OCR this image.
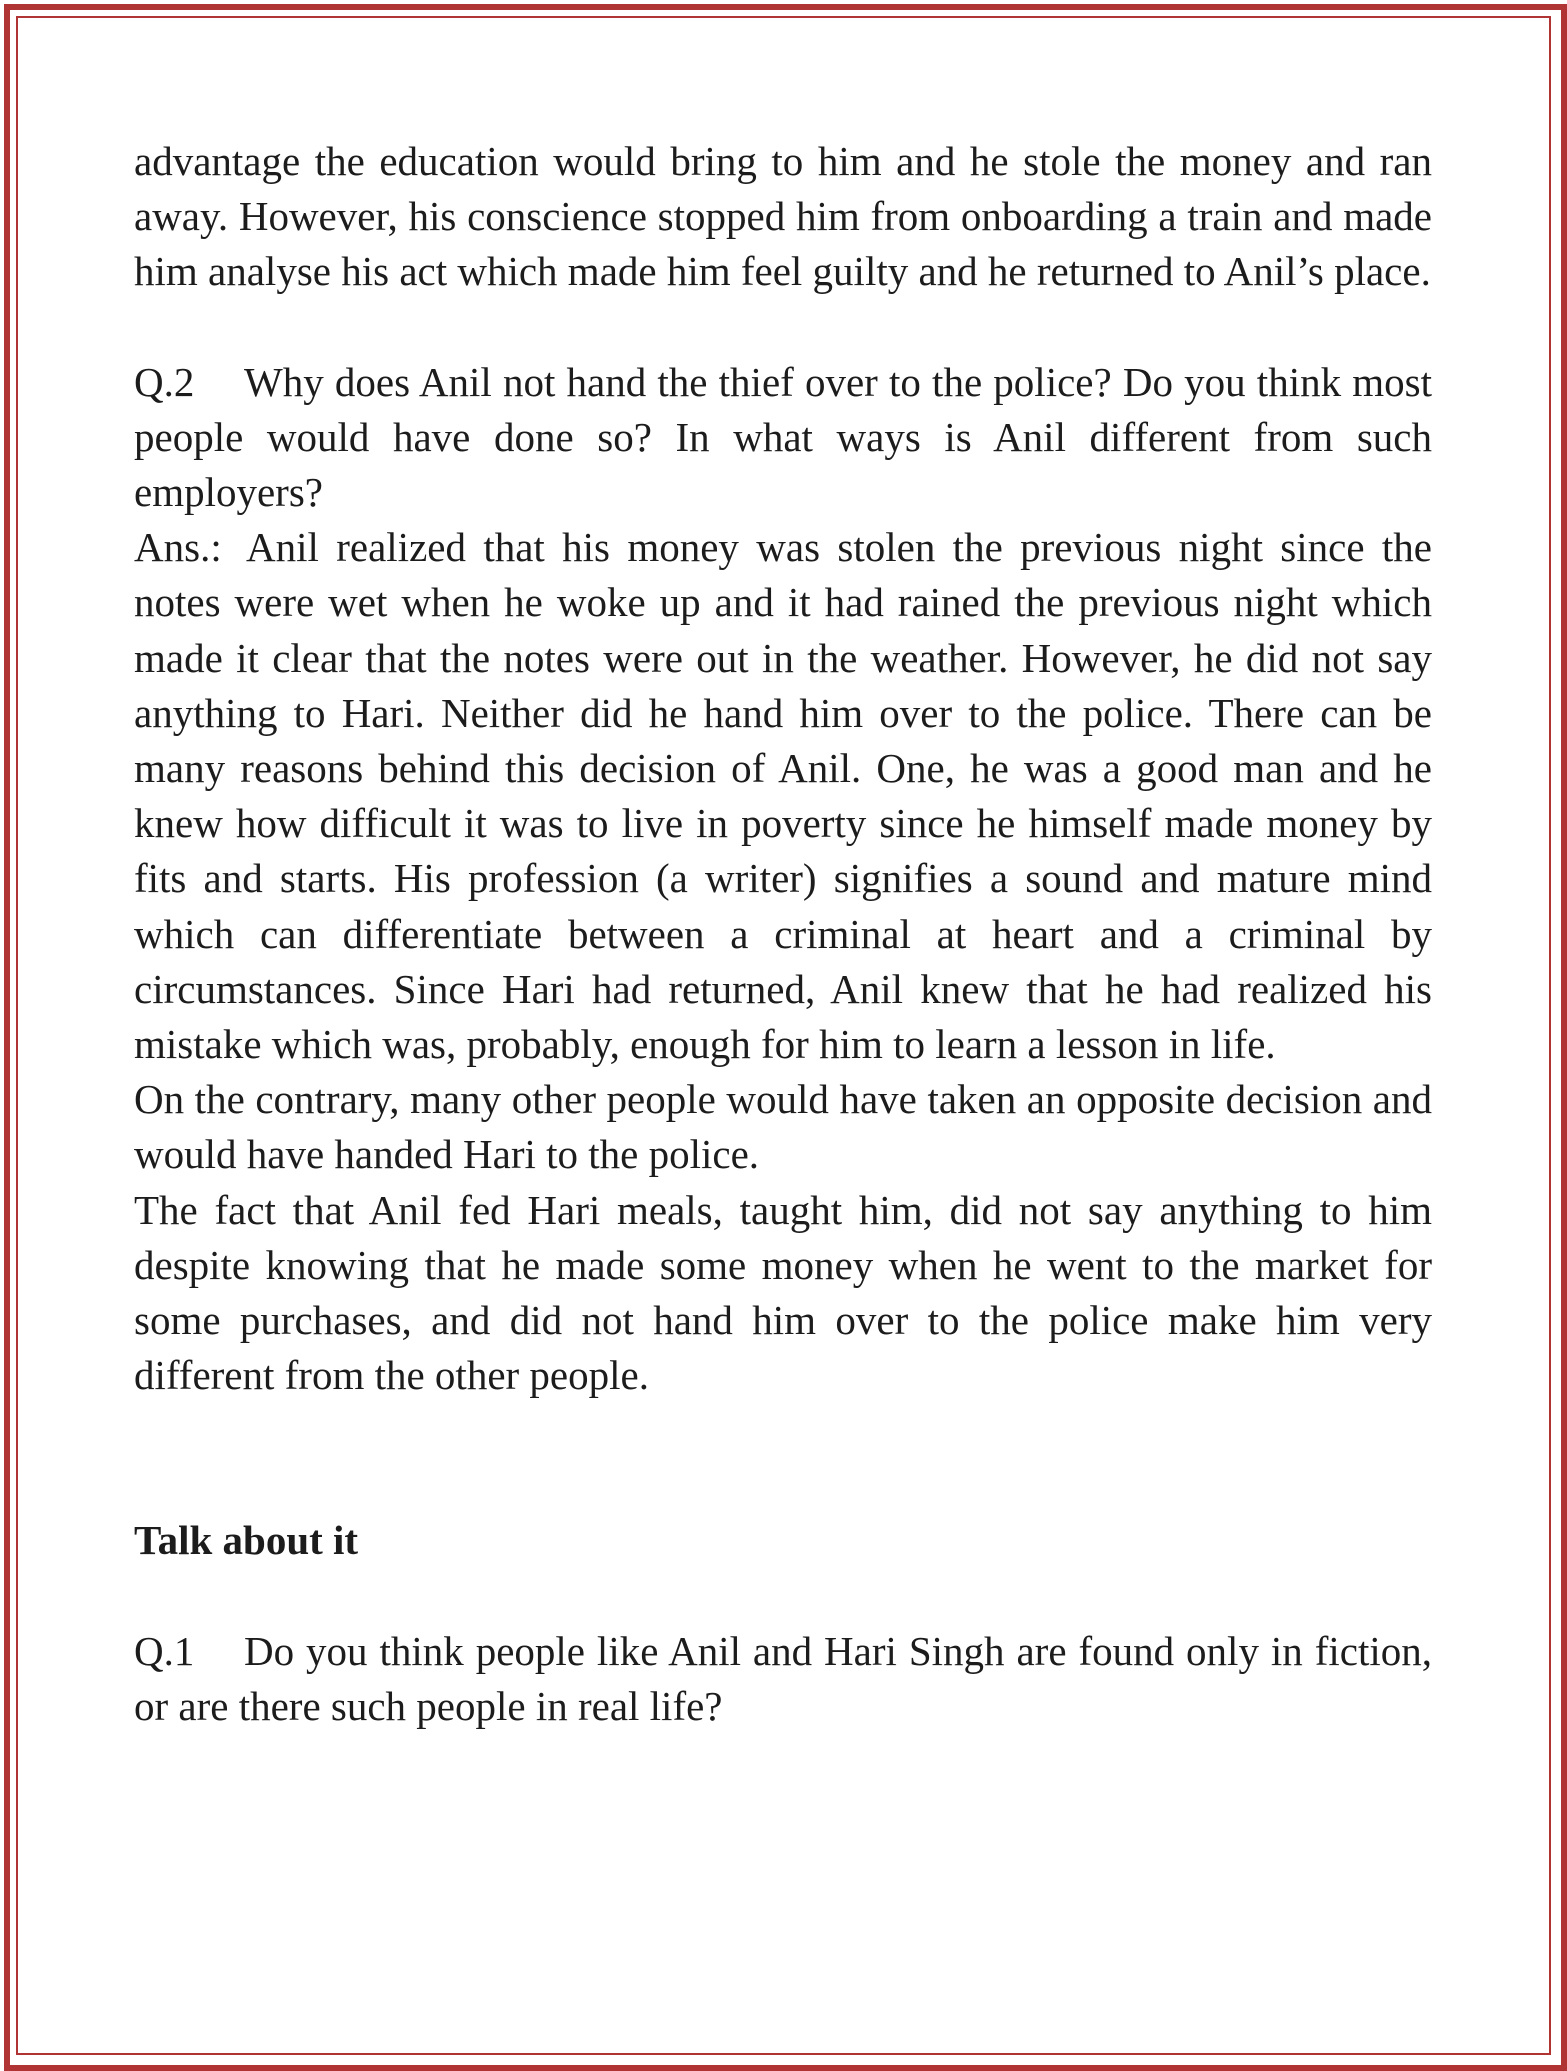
advantage the education would bring to him and he stole the money and ran away. However, his conscience stopped him from onboarding a train and made him analyse his act which made him feel guilty and he returned to Anil’s place.

Q.2 Why does Anil not hand the thief over to the police? Do you think most people would have done so? In what ways is Anil different from such employers?

Ans.: Anil realized that his money was stolen the previous night since the notes were wet when he woke up and it had rained the previous night which made it clear that the notes were out in the weather. However, he did not say anything to Hari. Neither did he hand him over to the police. There can be many reasons behind this decision of Anil. One, he was a good man and he knew how difficult it was to live in poverty since he himself made money by fits and starts. His profession (a writer) signifies a sound and mature mind which can differentiate between a criminal at heart and a criminal by circumstances. Since Hari had returned, Anil knew that he had realized his mistake which was, probably, enough for him to learn a lesson in life.

On the contrary, many other people would have taken an opposite decision and would have handed Hari to the police.

The fact that Anil fed Hari meals, taught him, did not say anything to him despite knowing that he made some money when he went to the market for some purchases, and did not hand him over to the police make him very different from the other people.

Talk about it

Q.1 Do you think people like Anil and Hari Singh are found only in fiction, or are there such people in real life?
